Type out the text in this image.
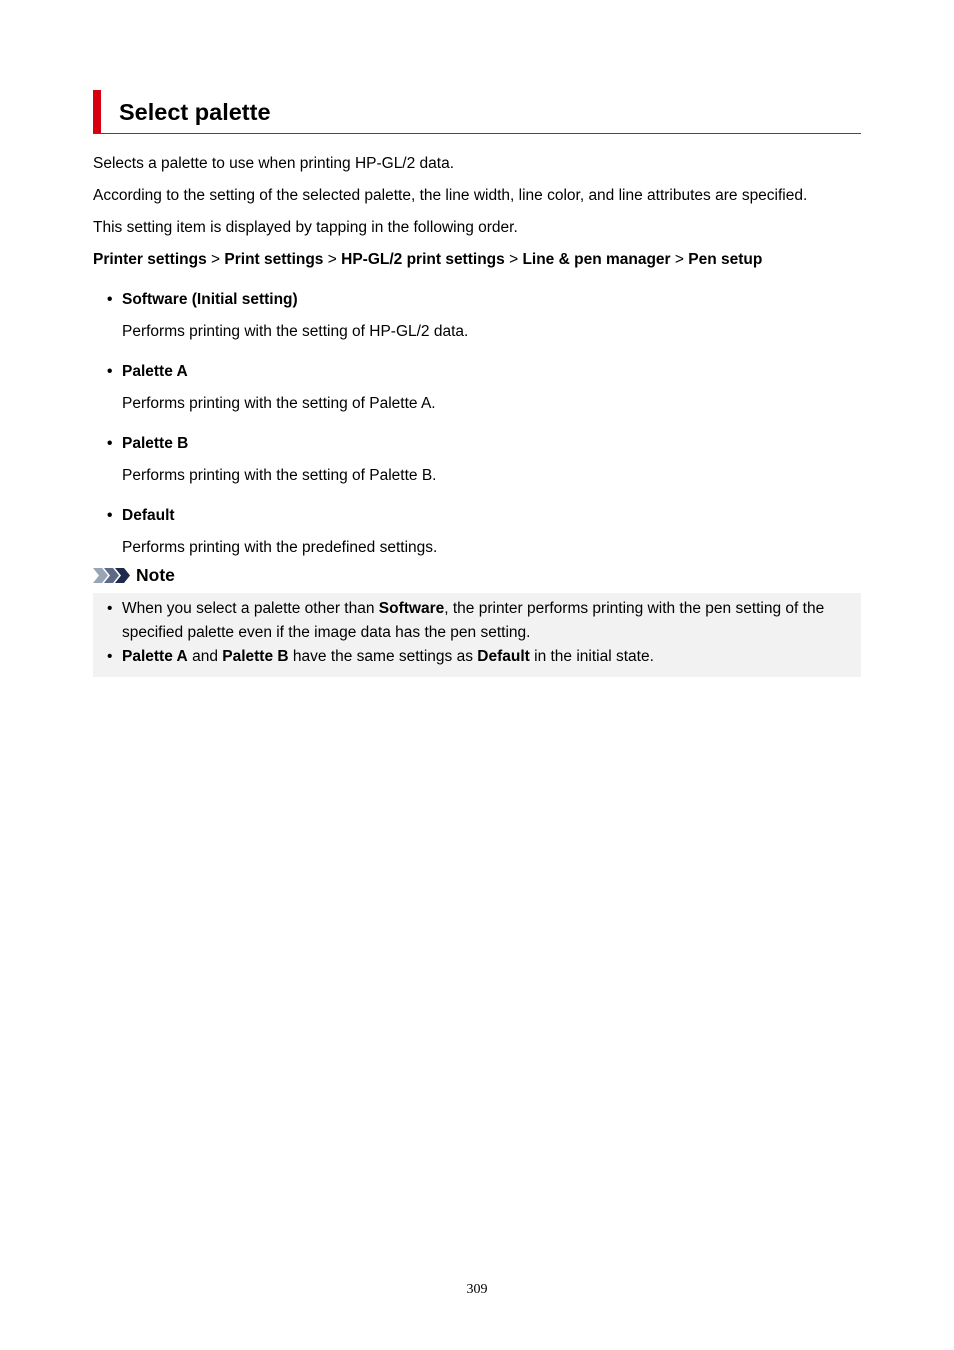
Select palette

Selects a palette to use when printing HP-GL/2 data.

According to the setting of the selected palette, the line width, line color, and line attributes are specified.

This setting item is displayed by tapping in the following order.

Printer settings > Print settings > HP-GL/2 print settings > Line & pen manager > Pen setup

• Software (Initial setting)
Performs printing with the setting of HP-GL/2 data.
• Palette A
Performs printing with the setting of Palette A.
• Palette B
Performs printing with the setting of Palette B.
• Default
Performs printing with the predefined settings.
Note
• When you select a palette other than Software, the printer performs printing with the pen setting of the specified palette even if the image data has the pen setting.
• Palette A and Palette B have the same settings as Default in the initial state.
309
